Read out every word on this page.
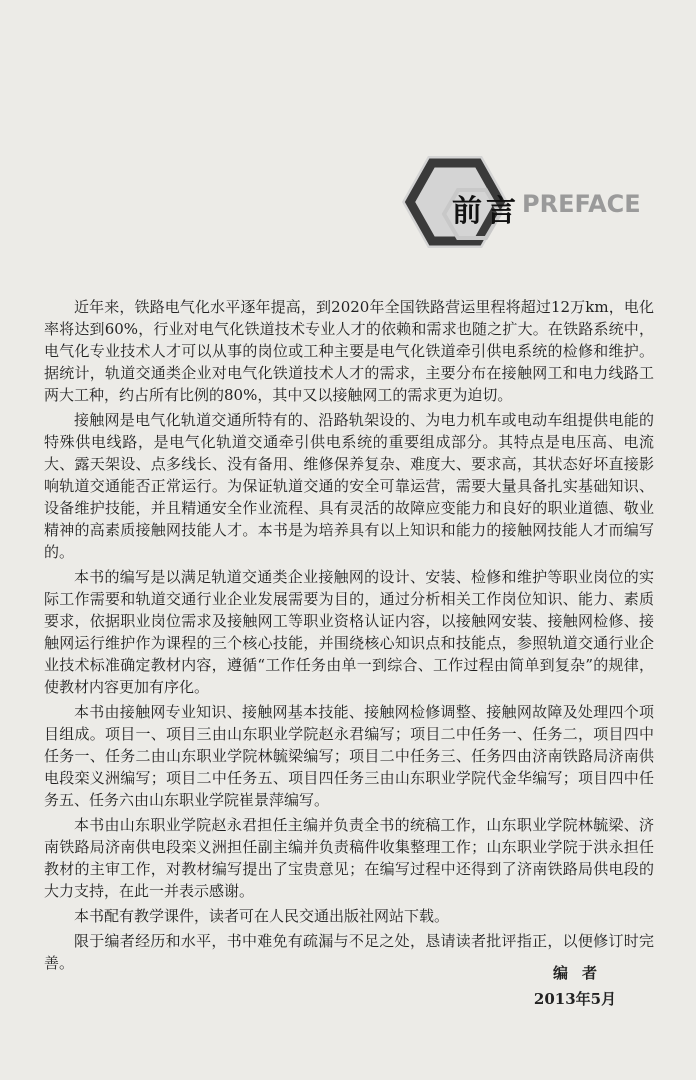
前言 PREFACE

近年来，铁路电气化水平逐年提高，到2020年全国铁路营运里程将超过12万km，电化率将达到60%，行业对电气化铁道技术专业人才的依赖和需求也随之扩大。在铁路系统中，电气化专业技术人才可以从事的岗位或工种主要是电气化铁道牵引供电系统的检修和维护。据统计，轨道交通类企业对电气化铁道技术人才的需求，主要分布在接触网工和电力线路工两大工种，约占所有比例的80%，其中又以接触网工的需求更为迫切。

接触网是电气化轨道交通所特有的、沿路轨架设的、为电力机车或电动车组提供电能的特殊供电线路，是电气化轨道交通牵引供电系统的重要组成部分。其特点是电压高、电流大、露天架设、点多线长、没有备用、维修保养复杂、难度大、要求高，其状态好坏直接影响轨道交通能否正常运行。为保证轨道交通的安全可靠运营，需要大量具备扎实基础知识、设备维护技能，并且精通安全作业流程、具有灵活的故障应变能力和良好的职业道德、敬业精神的高素质接触网技能人才。本书是为培养具有以上知识和能力的接触网技能人才而编写的。

本书的编写是以满足轨道交通类企业接触网的设计、安装、检修和维护等职业岗位的实际工作需要和轨道交通行业企业发展需要为目的，通过分析相关工作岗位知识、能力、素质要求，依据职业岗位需求及接触网工等职业资格认证内容，以接触网安装、接触网检修、接触网运行维护作为课程的三个核心技能，并围绕核心知识点和技能点，参照轨道交通行业企业技术标准确定教材内容，遵循“工作任务由单一到综合、工作过程由简单到复杂”的规律，使教材内容更加有序化。

本书由接触网专业知识、接触网基本技能、接触网检修调整、接触网故障及处理四个项目组成。项目一、项目三由山东职业学院赵永君编写；项目二中任务一、任务二，项目四中任务一、任务二由山东职业学院林毓梁编写；项目二中任务三、任务四由济南铁路局济南供电段栾义洲编写；项目二中任务五、项目四任务三由山东职业学院代金华编写；项目四中任务五、任务六由山东职业学院崔景萍编写。

本书由山东职业学院赵永君担任主编并负责全书的统稿工作，山东职业学院林毓梁、济南铁路局济南供电段栾义洲担任副主编并负责稿件收集整理工作；山东职业学院于洪永担任教材的主审工作，对教材编写提出了宝贵意见；在编写过程中还得到了济南铁路局供电段的大力支持，在此一并表示感谢。

本书配有教学课件，读者可在人民交通出版社网站下载。

限于编者经历和水平，书中难免有疏漏与不足之处，恳请读者批评指正，以便修订时完善。

编者
2013年5月
